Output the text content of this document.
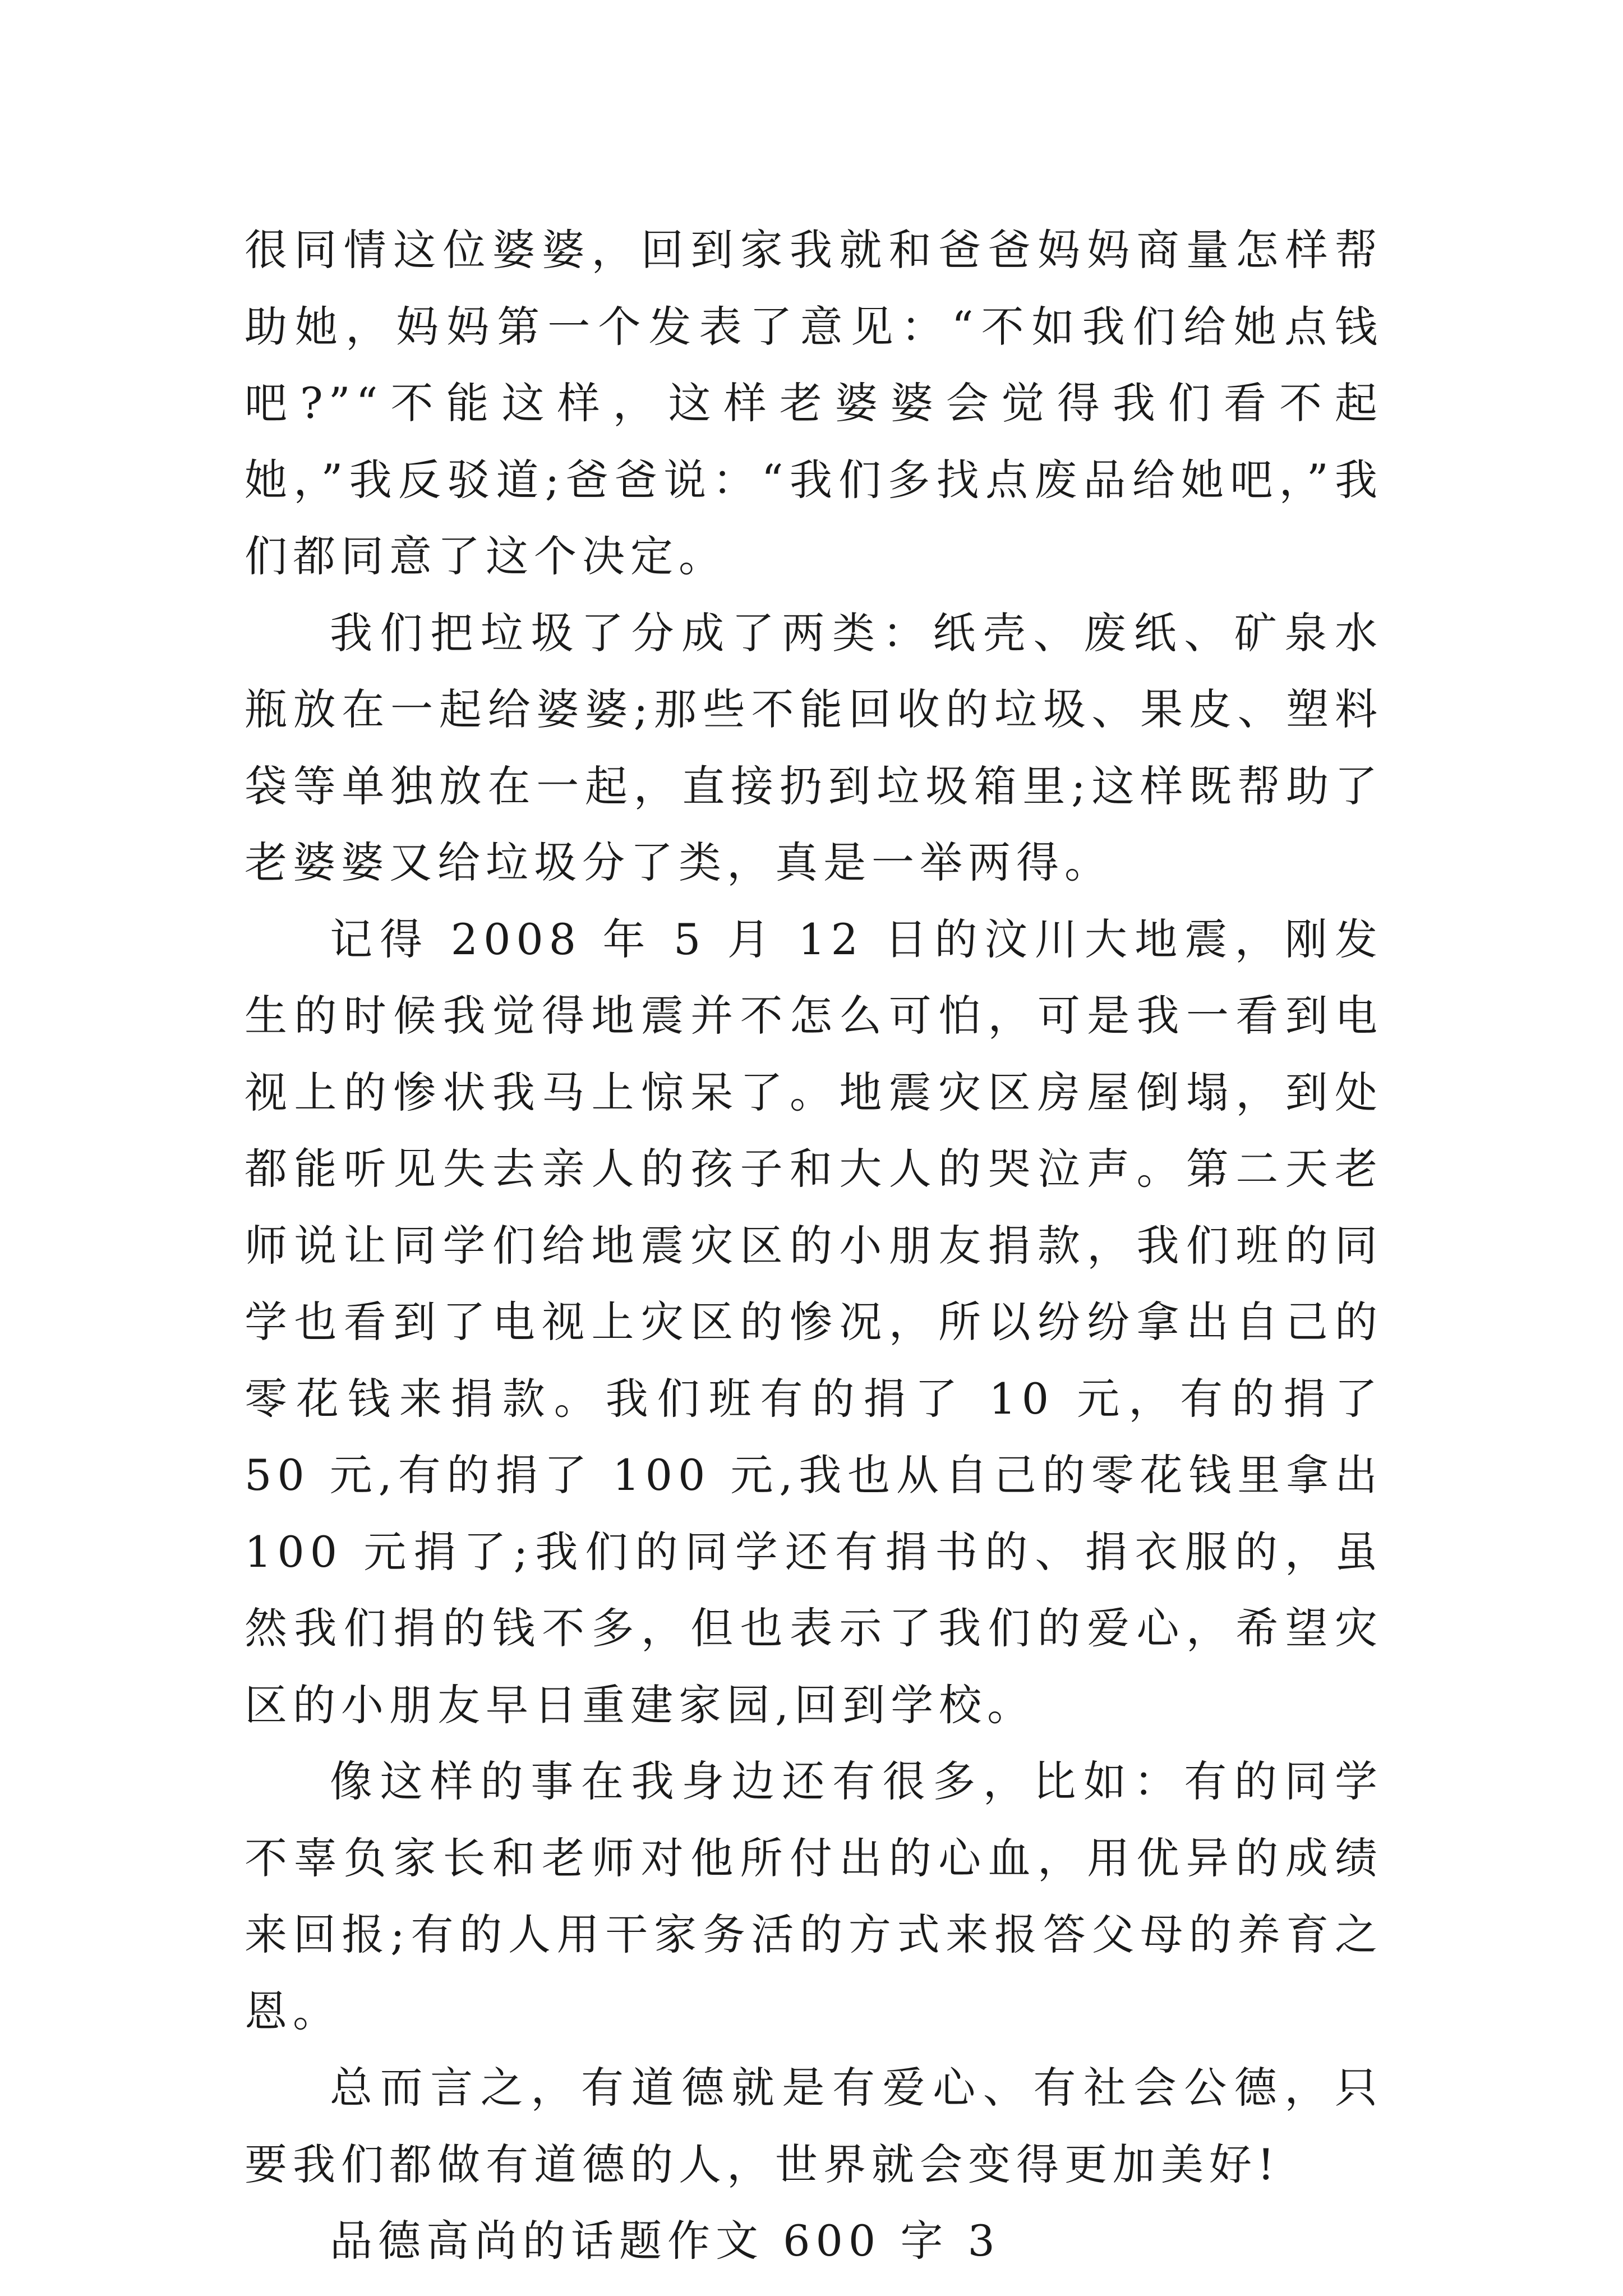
很同情这位婆婆，回到家我就和爸爸妈妈商量怎样帮助她，妈妈第一个发表了意见：“不如我们给她点钱吧?”“不能这样，这样老婆婆会觉得我们看不起她，”我反驳道;爸爸说：“我们多找点废品给她吧，”我们都同意了这个决定。

我们把垃圾了分成了两类：纸壳、废纸、矿泉水瓶放在一起给婆婆;那些不能回收的垃圾、果皮、塑料袋等单独放在一起，直接扔到垃圾箱里;这样既帮助了老婆婆又给垃圾分了类，真是一举两得。

记得 2008 年 5 月 12 日的汶川大地震，刚发生的时候我觉得地震并不怎么可怕，可是我一看到电视上的惨状我马上惊呆了。地震灾区房屋倒塌，到处都能听见失去亲人的孩子和大人的哭泣声。第二天老师说让同学们给地震灾区的小朋友捐款，我们班的同学也看到了电视上灾区的惨况，所以纷纷拿出自己的零花钱来捐款。我们班有的捐了 10 元，有的捐了 50 元,有的捐了 100 元,我也从自己的零花钱里拿出 100 元捐了;我们的同学还有捐书的、捐衣服的，虽然我们捐的钱不多，但也表示了我们的爱心，希望灾区的小朋友早日重建家园,回到学校。

像这样的事在我身边还有很多，比如：有的同学不辜负家长和老师对他所付出的心血，用优异的成绩来回报;有的人用干家务活的方式来报答父母的养育之恩。

总而言之，有道德就是有爱心、有社会公德，只要我们都做有道德的人，世界就会变得更加美好!

品德高尚的话题作文 600 字 3
